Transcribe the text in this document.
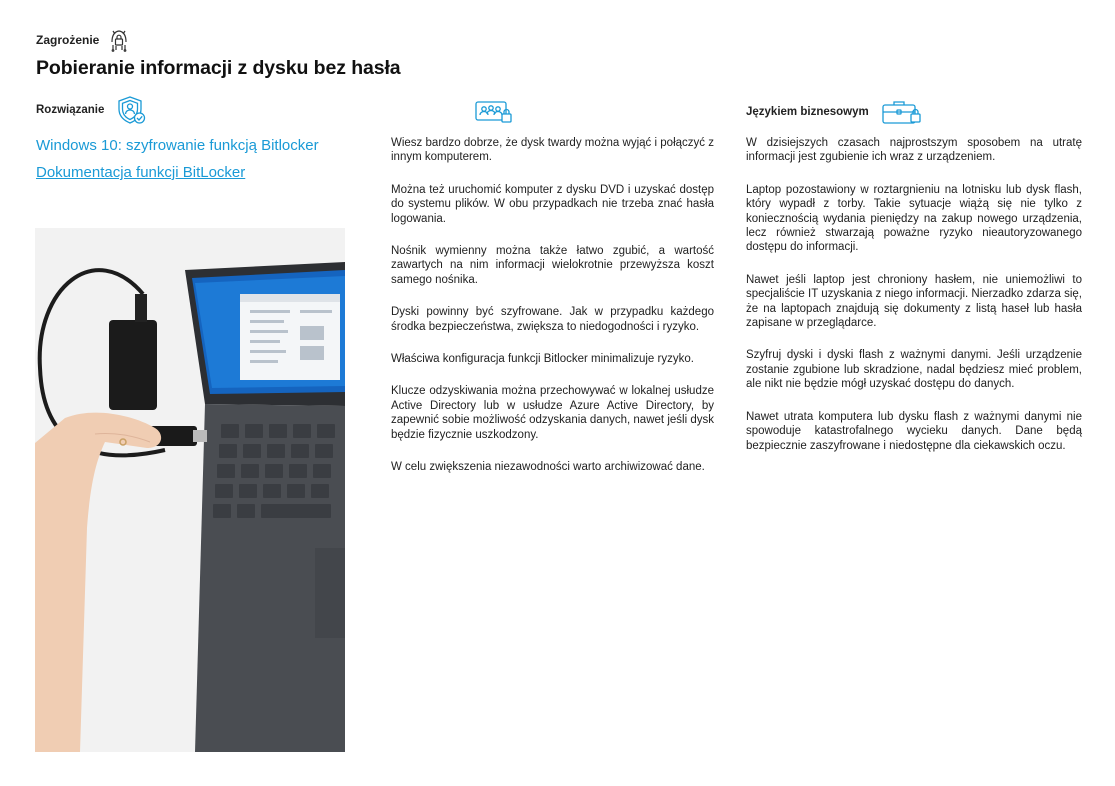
Zagrożenie
Pobieranie informacji z dysku bez hasła
Rozwiązanie
Windows 10: szyfrowanie funkcją Bitlocker
Dokumentacja funkcji BitLocker

Wiesz bardzo dobrze, że dysk twardy można wyjąć i połączyć z innym komputerem.

Można też uruchomić komputer z dysku DVD i uzyskać dostęp do systemu plików. W obu przypadkach nie trzeba znać hasła logowania.

Nośnik wymienny można także łatwo zgubić, a wartość zawartych na nim informacji wielokrotnie przewyższa koszt samego nośnika.

Dyski powinny być szyfrowane. Jak w przypadku każdego środka bezpieczeństwa, zwiększa to niedogodności i ryzyko.

Właściwa konfiguracja funkcji Bitlocker minimalizuje ryzyko.

Klucze odzyskiwania można przechowywać w lokalnej usłudze Active Directory lub w usłudze Azure Active Directory, by zapewnić sobie możliwość odzyskania danych, nawet jeśli dysk będzie fizycznie uszkodzony.

W celu zwiększenia niezawodności warto archiwizować dane.

Językiem biznesowym

W dzisiejszych czasach najprostszym sposobem na utratę informacji jest zgubienie ich wraz z urządzeniem.

Laptop pozostawiony w roztargnieniu na lotnisku lub dysk flash, który wypadł z torby. Takie sytuacje wiążą się nie tylko z koniecznością wydania pieniędzy na zakup nowego urządzenia, lecz również stwarzają poważne ryzyko nieautoryzowanego dostępu do informacji.

Nawet jeśli laptop jest chroniony hasłem, nie uniemożliwi to specjaliście IT uzyskania z niego informacji. Nierzadko zdarza się, że na laptopach znajdują się dokumenty z listą haseł lub hasła zapisane w przeglądarce.

Szyfruj dyski i dyski flash z ważnymi danymi. Jeśli urządzenie zostanie zgubione lub skradzione, nadal będziesz mieć problem, ale nikt nie będzie mógł uzyskać dostępu do danych.

Nawet utrata komputera lub dysku flash z ważnymi danymi nie spowoduje katastrofalnego wycieku danych. Dane będą bezpiecznie zaszyfrowane i niedostępne dla ciekawskich oczu.
